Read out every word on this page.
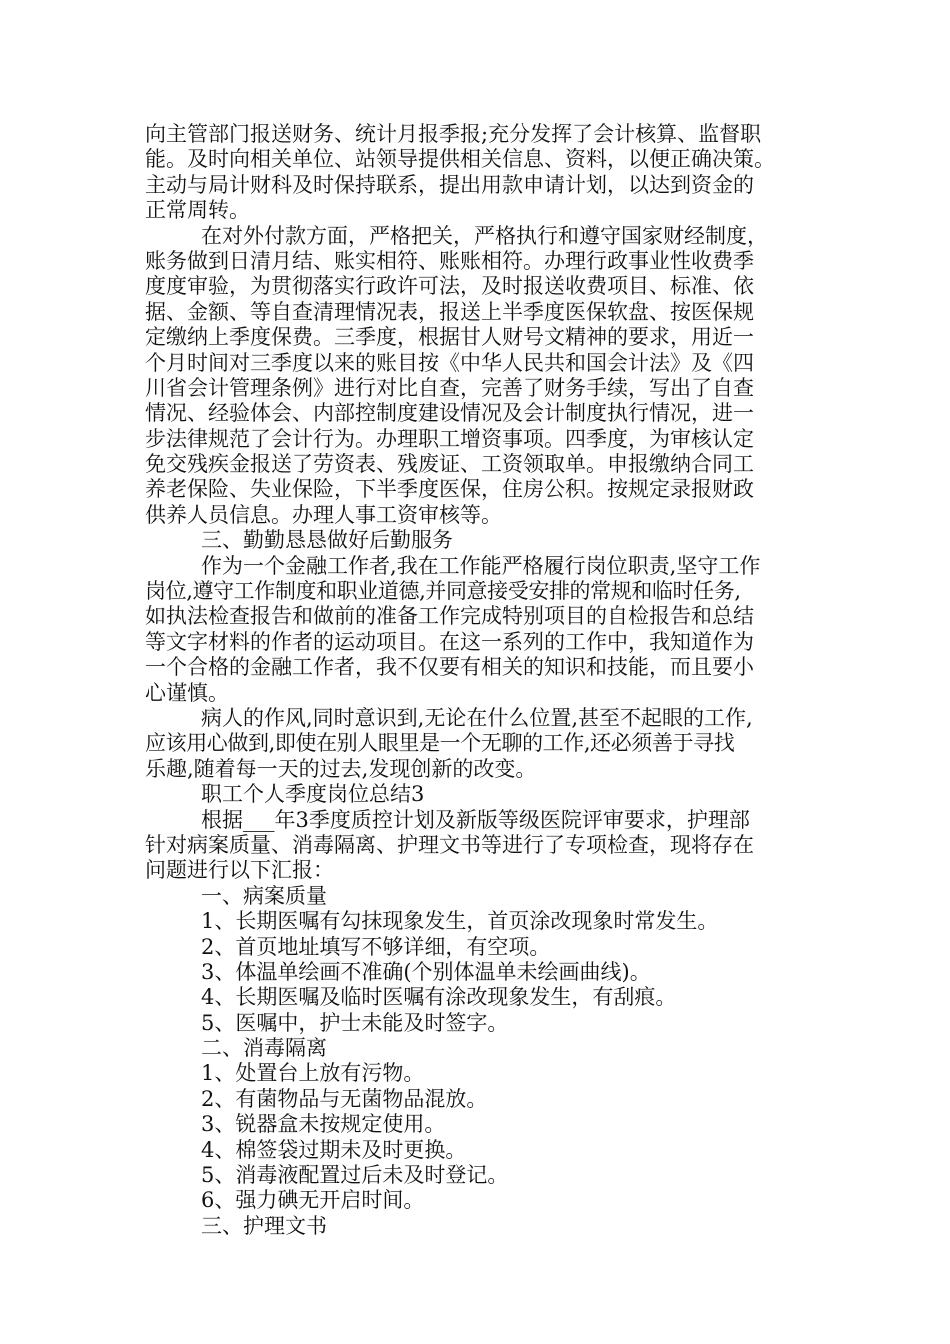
向主管部门报送财务、统计月报季报;充分发挥了会计核算、监督职
能。及时向相关单位、站领导提供相关信息、资料，以便正确决策。
主动与局计财科及时保持联系，提出用款申请计划，以达到资金的
正常周转。
在对外付款方面，严格把关，严格执行和遵守国家财经制度，
账务做到日清月结、账实相符、账账相符。办理行政事业性收费季
度度审验，为贯彻落实行政许可法，及时报送收费项目、标准、依
据、金额、等自查清理情况表，报送上半季度医保软盘、按医保规
定缴纳上季度保费。三季度，根据甘人财号文精神的要求，用近一
个月时间对三季度以来的账目按《中华人民共和国会计法》及《四
川省会计管理条例》进行对比自查，完善了财务手续，写出了自查
情况、经验体会、内部控制度建设情况及会计制度执行情况，进一
步法律规范了会计行为。办理职工增资事项。四季度，为审核认定
免交残疾金报送了劳资表、残废证、工资领取单。申报缴纳合同工
养老保险、失业保险，下半季度医保，住房公积。按规定录报财政
供养人员信息。办理人事工资审核等。
三、勤勤恳恳做好后勤服务
作为一个金融工作者,我在工作能严格履行岗位职责,坚守工作
岗位,遵守工作制度和职业道德,并同意接受安排的常规和临时任务,
如执法检查报告和做前的准备工作完成特别项目的自检报告和总结
等文字材料的作者的运动项目。在这一系列的工作中，我知道作为
一个合格的金融工作者，我不仅要有相关的知识和技能，而且要小
心谨慎。
病人的作风,同时意识到,无论在什么位置,甚至不起眼的工作,
应该用心做到,即使在别人眼里是一个无聊的工作,还必须善于寻找
乐趣,随着每一天的过去,发现创新的改变。
职工个人季度岗位总结3
根据___年3季度质控计划及新版等级医院评审要求，护理部
针对病案质量、消毒隔离、护理文书等进行了专项检查，现将存在
问题进行以下汇报：
一、病案质量
1、长期医嘱有勾抹现象发生，首页涂改现象时常发生。
2、首页地址填写不够详细，有空项。
3、体温单绘画不准确(个别体温单未绘画曲线)。
4、长期医嘱及临时医嘱有涂改现象发生，有刮痕。
5、医嘱中，护士未能及时签字。
二、消毒隔离
1、处置台上放有污物。
2、有菌物品与无菌物品混放。
3、锐器盒未按规定使用。
4、棉签袋过期未及时更换。
5、消毒液配置过后未及时登记。
6、强力碘无开启时间。
三、护理文书
